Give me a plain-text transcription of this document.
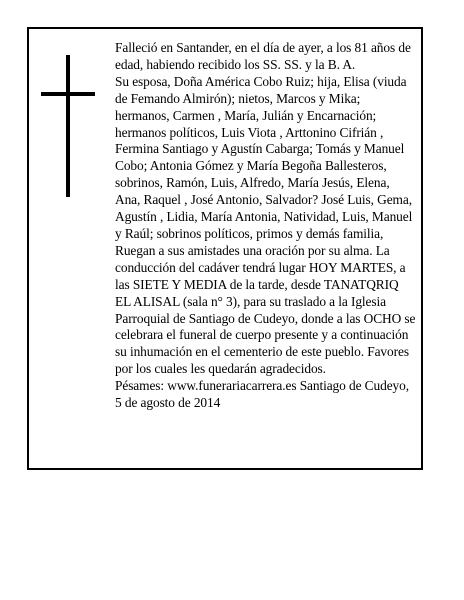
Falleció en Santander, en el día de ayer, a los 81 años de edad, habiendo recibido los SS. SS. y la B. A.

Su esposa, Doña América Cobo Ruiz; hija, Elisa (viuda de Femando Almirón); nietos, Marcos y Mika; hermanos, Carmen , María, Julián y Encarnación; hermanos políticos, Luis Viota , Arttonino Cifrián , Fermina Santiago y Agustín Cabarga; Tomás y Manuel Cobo; Antonia Gómez y María Begoña Ballesteros, sobrinos, Ramón, Luis, Alfredo, María Jesús, Elena, Ana, Raquel , José Antonio, Salvador? José Luis, Gema, Agustín , Lidia, María Antonia, Natividad, Luis, Manuel y Raúl; sobrinos políticos, primos y demás familia,

Ruegan a sus amistades una oración por su alma. La conducción del cadáver tendrá lugar HOY MARTES, a las SIETE Y MEDIA de la tarde, desde TANATQRIQ EL ALISAL (sala n° 3), para su traslado a la Iglesia Parroquial de Santiago de Cudeyo, donde a las OCHO se celebrara el funeral de cuerpo presente y a continuación su inhumación en el cementerio de este pueblo. Favores por los cuales les quedarán agradecidos.

Pésames: www.funerariacarrera.es Santiago de Cudeyo, 5 de agosto de 2014
